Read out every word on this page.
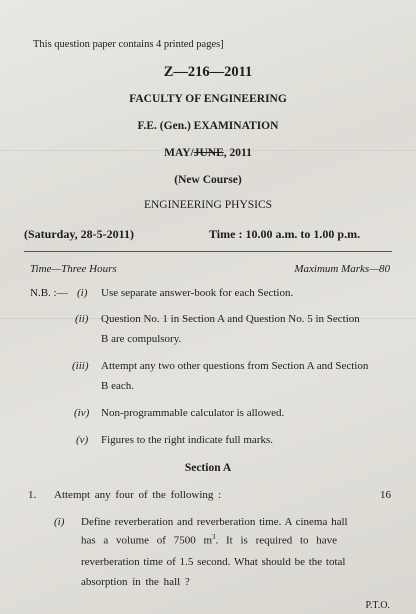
This question paper contains 4 printed pages]
Z—216—2011
FACULTY OF ENGINEERING
F.E. (Gen.) EXAMINATION
MAY/JUNE, 2011
(New Course)
ENGINEERING PHYSICS
(Saturday, 28-5-2011)	Time : 10.00 a.m. to 1.00 p.m.
Time—Three Hours	Maximum Marks—80
N.B. :— (i) Use separate answer-book for each Section.
(ii) Question No. 1 in Section A and Question No. 5 in Section
B are compulsory.
(iii) Attempt any two other questions from Section A and Section
B each.
(iv) Non-programmable calculator is allowed.
(v) Figures to the right indicate full marks.
Section A
1. Attempt any four of the following :	16
(i) Define reverberation and reverberation time. A cinema hall
has a volume of 7500 $m^3$. It is required to have
reverberation time of 1.5 second. What should be the total
absorption in the hall ?
P.T.O.
